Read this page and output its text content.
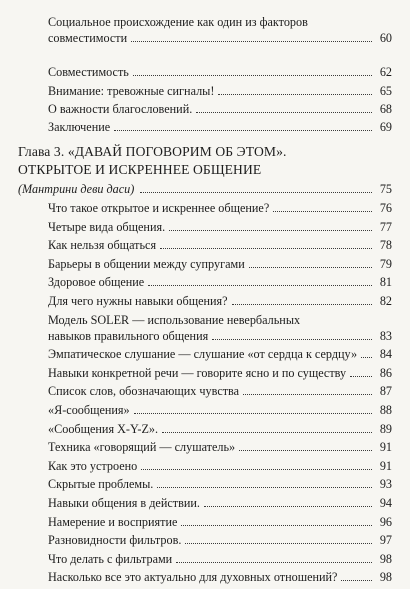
Социальное происхождение как один из факторов
совместимости	60
Совместимость	62
Внимание: тревожные сигналы!	65
О важности благословений.	68
Заключение	69
Глава 3. «ДАВАЙ ПОГОВОРИМ ОБ ЭТОМ».
ОТКРЫТОЕ И ИСКРЕННЕЕ ОБЩЕНИЕ
(Мантрини деви даси)	75
Что такое открытое и искреннее общение?	76
Четыре вида общения.	77
Как нельзя общаться	78
Барьеры в общении между супругами	79
Здоровое общение	81
Для чего нужны навыки общения?	82
Модель SOLER — использование невербальных
навыков правильного общения	83
Эмпатическое слушание — слушание «от сердца к сердцу» 84
Навыки конкретной речи — говорите ясно и по существу	86
Список слов, обозначающих чувства	87
«Я-сообщения»	88
«Сообщения X-Y-Z».	89
Техника «говорящий — слушатель»	91
Как это устроено	91
Скрытые проблемы.	93
Навыки общения в действии.	94
Намерение и восприятие	96
Разновидности фильтров.	97
Что делать с фильтрами	98
Насколько все это актуально для духовных отношений?	98
